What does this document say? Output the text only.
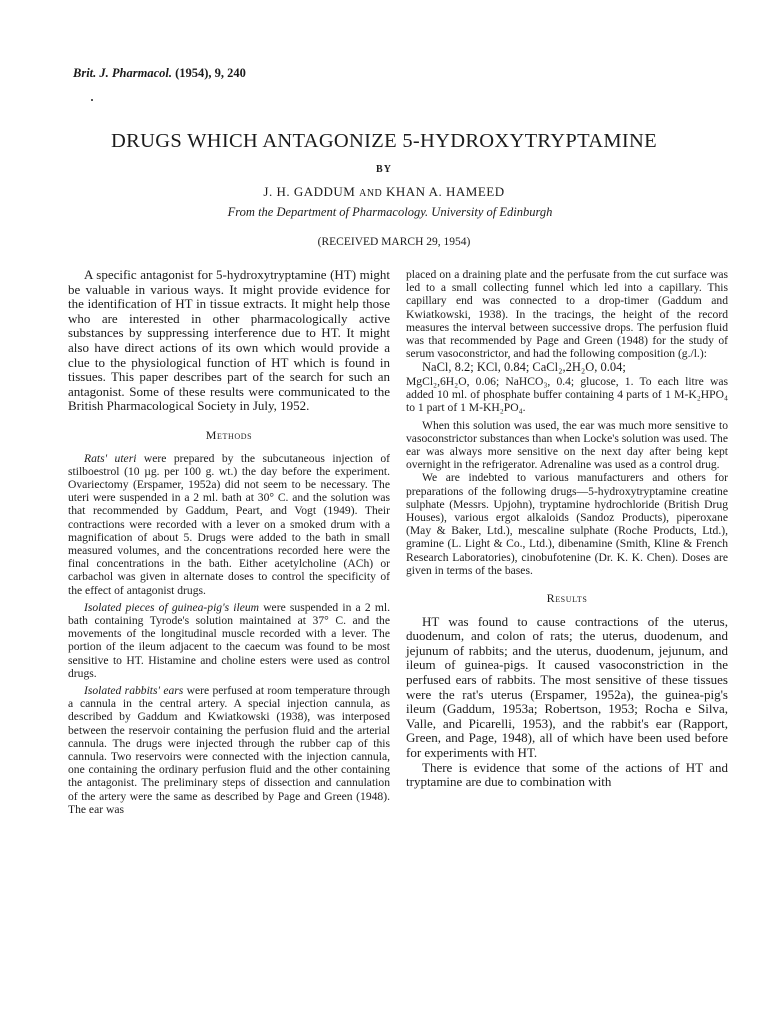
Brit. J. Pharmacol. (1954), 9, 240
DRUGS WHICH ANTAGONIZE 5-HYDROXYTRYPTAMINE
BY
J. H. GADDUM AND KHAN A. HAMEED
From the Department of Pharmacology. University of Edinburgh
(RECEIVED MARCH 29, 1954)

A specific antagonist for 5-hydroxytryptamine (HT) might be valuable in various ways. It might provide evidence for the identification of HT in tissue extracts. It might help those who are interested in other pharmacologically active substances by suppressing interference due to HT. It might also have direct actions of its own which would provide a clue to the physiological function of HT which is found in tissues. This paper describes part of the search for such an antagonist. Some of these results were communicated to the British Pharmacological Society in July, 1952.

Methods

Rats' uteri were prepared by the subcutaneous injection of stilboestrol (10 µg. per 100 g. wt.) the day before the experiment. Ovariectomy (Erspamer, 1952a) did not seem to be necessary. The uteri were suspended in a 2 ml. bath at 30° C. and the solution was that recommended by Gaddum, Peart, and Vogt (1949). Their contractions were recorded with a lever on a smoked drum with a magnification of about 5. Drugs were added to the bath in small measured volumes, and the concentrations recorded here were the final concentrations in the bath. Either acetylcholine (ACh) or carbachol was given in alternate doses to control the specificity of the effect of antagonist drugs.

Isolated pieces of guinea-pig's ileum were suspended in a 2 ml. bath containing Tyrode's solution maintained at 37° C. and the movements of the longitudinal muscle recorded with a lever. The portion of the ileum adjacent to the caecum was found to be most sensitive to HT. Histamine and choline esters were used as control drugs.

Isolated rabbits' ears were perfused at room temperature through a cannula in the central artery. A special injection cannula, as described by Gaddum and Kwiatkowski (1938), was interposed between the reservoir containing the perfusion fluid and the arterial cannula. The drugs were injected through the rubber cap of this cannula. Two reservoirs were connected with the injection cannula, one containing the ordinary perfusion fluid and the other containing the antagonist. The preliminary steps of dissection and cannulation of the artery were the same as described by Page and Green (1948). The ear was

placed on a draining plate and the perfusate from the cut surface was led to a small collecting funnel which led into a capillary. This capillary end was connected to a drop-timer (Gaddum and Kwiatkowski, 1938). In the tracings, the height of the record measures the interval between successive drops. The perfusion fluid was that recommended by Page and Green (1948) for the study of serum vasoconstrictor, and had the following composition (g./l.):

NaCl, 8.2; KCl, 0.84; CaCl₂,2H₂O, 0.04;

MgCl₂,6H₂O, 0.06; NaHCO₃, 0.4; glucose, 1. To each litre was added 10 ml. of phosphate buffer containing 4 parts of 1 M-K₂HPO₄ to 1 part of 1 M-KH₂PO₄.

When this solution was used, the ear was much more sensitive to vasoconstrictor substances than when Locke's solution was used. The ear was always more sensitive on the next day after being kept overnight in the refrigerator. Adrenaline was used as a control drug.

We are indebted to various manufacturers and others for preparations of the following drugs—5-hydroxytryptamine creatine sulphate (Messrs. Upjohn), tryptamine hydrochloride (British Drug Houses), various ergot alkaloids (Sandoz Products), piperoxane (May & Baker, Ltd.), mescaline sulphate (Roche Products, Ltd.), gramine (L. Light & Co., Ltd.), dibenamine (Smith, Kline & French Research Laboratories), cinobufotenine (Dr. K. K. Chen). Doses are given in terms of the bases.

Results

HT was found to cause contractions of the uterus, duodenum, and colon of rats; the uterus, duodenum, and jejunum of rabbits; and the uterus, duodenum, jejunum, and ileum of guinea-pigs. It caused vasoconstriction in the perfused ears of rabbits. The most sensitive of these tissues were the rat's uterus (Erspamer, 1952a), the guinea-pig's ileum (Gaddum, 1953a; Robertson, 1953; Rocha e Silva, Valle, and Picarelli, 1953), and the rabbit's ear (Rapport, Green, and Page, 1948), all of which have been used before for experiments with HT.

There is evidence that some of the actions of HT and tryptamine are due to combination with
